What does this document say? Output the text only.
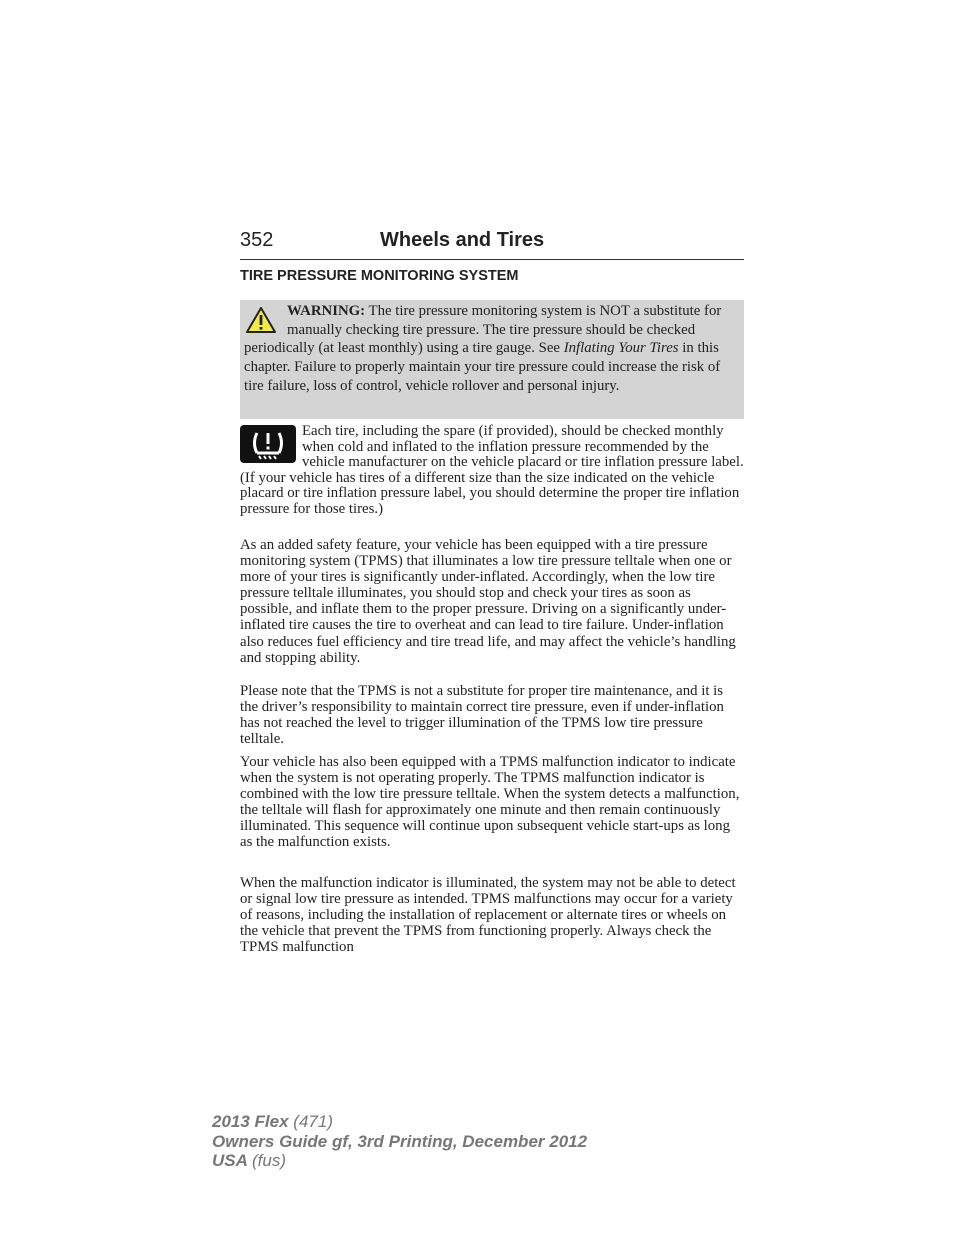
352	Wheels and Tires
TIRE PRESSURE MONITORING SYSTEM
WARNING: The tire pressure monitoring system is NOT a substitute for manually checking tire pressure. The tire pressure should be checked periodically (at least monthly) using a tire gauge. See Inflating Your Tires in this chapter. Failure to properly maintain your tire pressure could increase the risk of tire failure, loss of control, vehicle rollover and personal injury.

Each tire, including the spare (if provided), should be checked monthly when cold and inflated to the inflation pressure recommended by the vehicle manufacturer on the vehicle placard or tire inflation pressure label. (If your vehicle has tires of a different size than the size indicated on the vehicle placard or tire inflation pressure label, you should determine the proper tire inflation pressure for those tires.)

As an added safety feature, your vehicle has been equipped with a tire pressure monitoring system (TPMS) that illuminates a low tire pressure telltale when one or more of your tires is significantly under-inflated. Accordingly, when the low tire pressure telltale illuminates, you should stop and check your tires as soon as possible, and inflate them to the proper pressure. Driving on a significantly under-inflated tire causes the tire to overheat and can lead to tire failure. Under-inflation also reduces fuel efficiency and tire tread life, and may affect the vehicle’s handling and stopping ability.

Please note that the TPMS is not a substitute for proper tire maintenance, and it is the driver’s responsibility to maintain correct tire pressure, even if under-inflation has not reached the level to trigger illumination of the TPMS low tire pressure telltale.

Your vehicle has also been equipped with a TPMS malfunction indicator to indicate when the system is not operating properly. The TPMS malfunction indicator is combined with the low tire pressure telltale. When the system detects a malfunction, the telltale will flash for approximately one minute and then remain continuously illuminated. This sequence will continue upon subsequent vehicle start-ups as long as the malfunction exists.

When the malfunction indicator is illuminated, the system may not be able to detect or signal low tire pressure as intended. TPMS malfunctions may occur for a variety of reasons, including the installation of replacement or alternate tires or wheels on the vehicle that prevent the TPMS from functioning properly. Always check the TPMS malfunction

2013 Flex (471)
Owners Guide gf, 3rd Printing, December 2012
USA (fus)
